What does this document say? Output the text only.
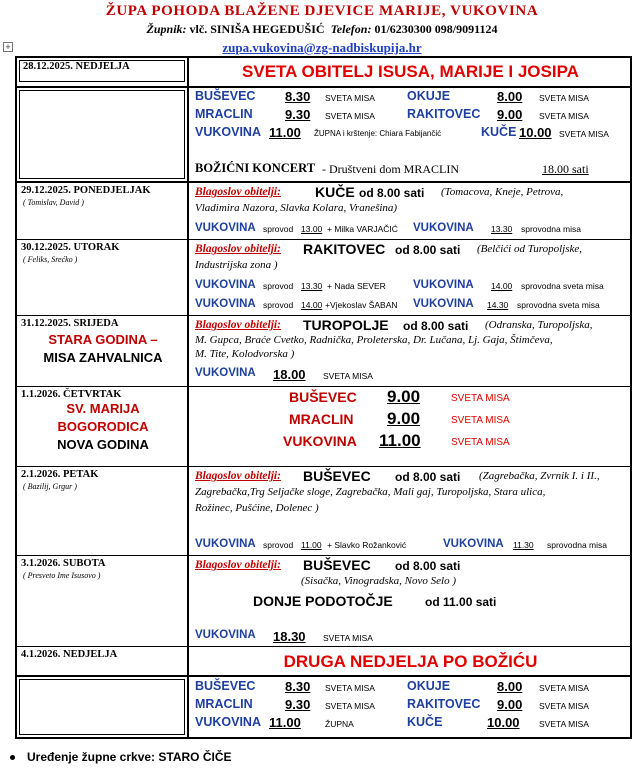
ŽUPA POHODA BLAŽENE DJEVICE MARIJE, VUKOVINA
Župnik: vlč. SINIŠA HEGEDUŠIĆ Telefon: 01/6230300 098/9091124
+	zupa.vukovina@zg-nadbiskupija.hr
28.12.2025. NEDJELJA	SVETA OBITELJ ISUSA, MARIJE I JOSIPA
BUŠEVEC 8.30 SVETA MISA	OKUJE	8.00 SVETA MISA
MRACLIN 9.30 SVETA MISA	RAKITOVEC 9.00 SVETA MISA
VUKOVINA 11.00 ŽUPNA i krštenje: Chiara Fabijančić	KUČE 10.00 SVETA MISA
BOŽIĆNI KONCERT - Društveni dom MRACLIN	18.00 sati
29.12.2025. PONEDJELJAK
( Tomislav, David )
Blagoslov obitelji: KUČE od 8.00 sati (Tomacova, Kneje, Petrova,
Vladimira Nazora, Slavka Kolara, Vranešina)
VUKOVINA sprovod 13.00 + Milka VARJAČIĆ VUKOVINA 13.30 sprovodna misa
30.12.2025. UTORAK
( Feliks, Srećko )
Blagoslov obitelji: RAKITOVEC od 8.00 sati (Belčići od Turopoljske,
Industrijska zona )
VUKOVINA sprovod 13.30 + Nada SEVER VUKOVINA 14.00 sprovodna sveta misa
VUKOVINA sprovod 14.00 +Vjekoslav ŠABAN VUKOVINA 14.30 sprovodna sveta misa
31.12.2025. SRIJEDA
STARA GODINA –
MISA ZAHVALNICA
Blagoslov obitelji: TUROPOLJE od 8.00 sati (Odranska, Turopoljska,
M. Gupca, Braće Cvetko, Radnička, Proleterska, Dr. Lučana, Lj. Gaja, Štimčeva,
M. Tite, Kolodvorska )
VUKOVINA 18.00 SVETA MISA
1.1.2026. ČETVRTAK
SV. MARIJA
BOGORODICA
NOVA GODINA
BUŠEVEC 9.00	SVETA MISA
MRACLIN 9.00	SVETA MISA
VUKOVINA 11.00	SVETA MISA
2.1.2026. PETAK
( Bazilij, Grgur )
Blagoslov obitelji: BUŠEVEC od 8.00 sati (Zagrebačka, Zvrnik I. i II.,
Zagrebačka,Trg Seljačke sloge, Zagrebačka, Mali gaj, Turopoljska, Stara ulica,
Rožinec, Pušćine, Dolenec )
VUKOVINA sprovod 11.00 + Slavko Rožanković	VUKOVINA 11.30 sprovodna misa
3.1.2026. SUBOTA
( Presveto Ime Isusovo )
Blagoslov obitelji: BUŠEVEC od 8.00 sati
(Sisačka, Vinogradska, Novo Selo )
DONJE PODOTOČJE	od 11.00 sati
VUKOVINA 18.30 SVETA MISA
4.1.2026. NEDJELJA	DRUGA NEDJELJA PO BOŽIĆU
BUŠEVEC 8.30 SVETA MISA	OKUJE	8.00 SVETA MISA
MRACLIN 9.30 SVETA MISA	RAKITOVEC 9.00 SVETA MISA
VUKOVINA 11.00	ŽUPNA	KUČE	10.00 SVETA MISA
Uređenje župne crkve: STARO ČIČE
